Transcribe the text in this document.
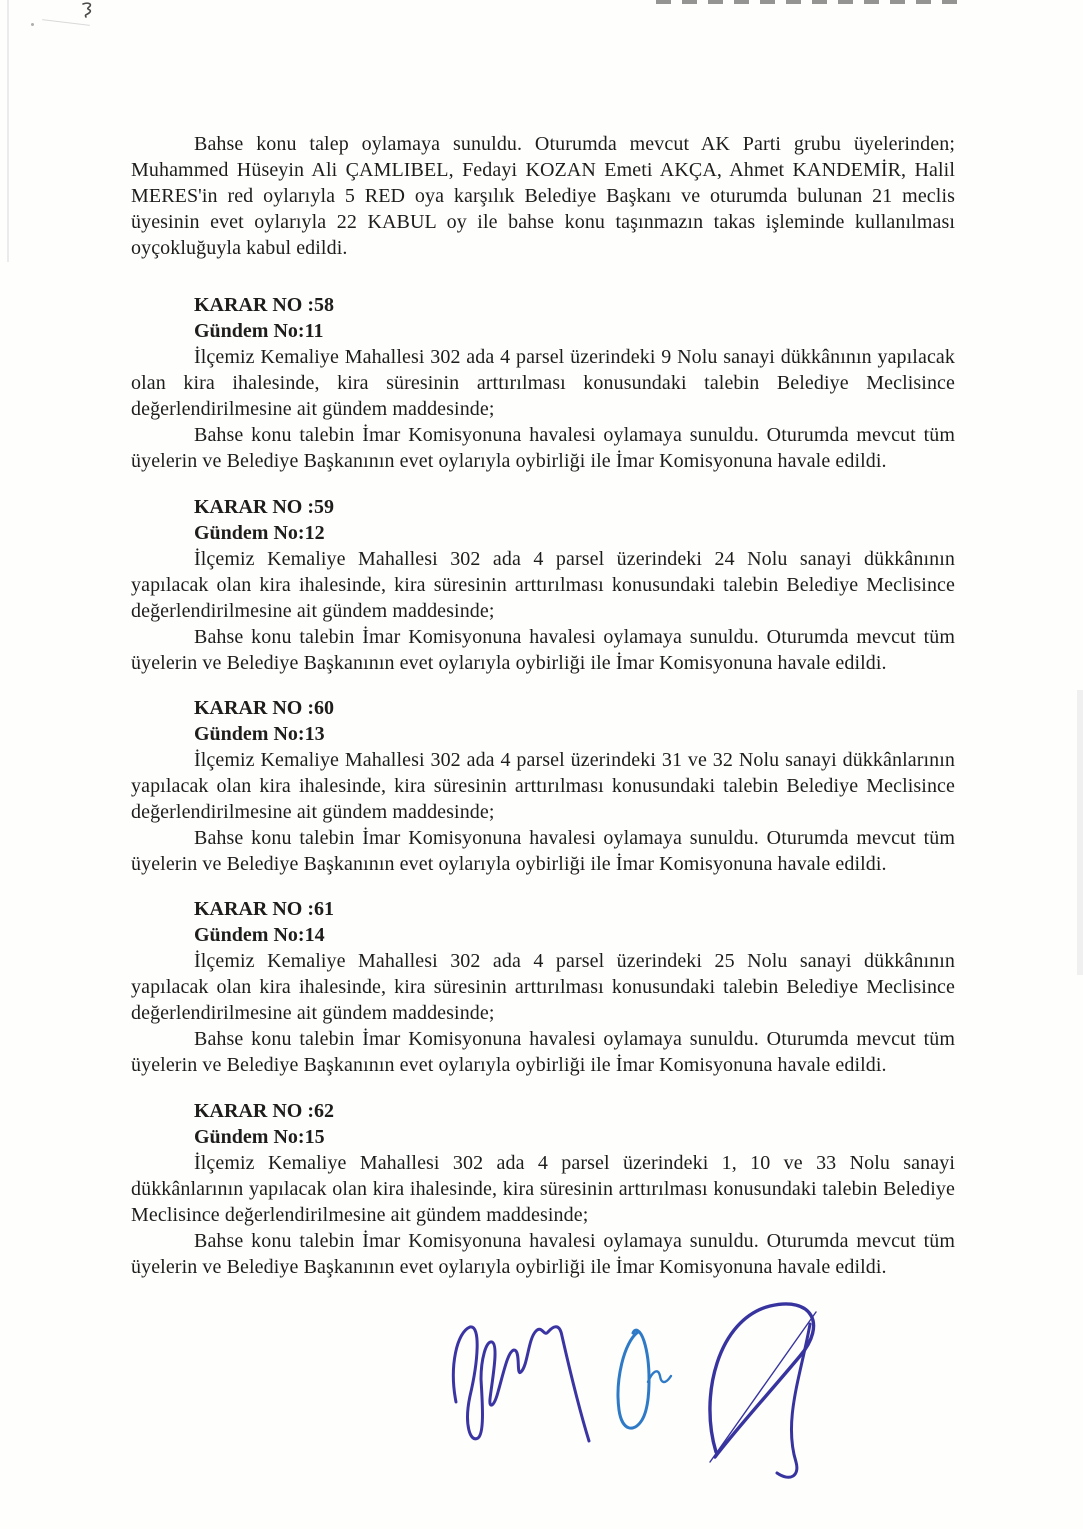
Bahse konu talep oylamaya sunuldu. Oturumda mevcut AK Parti grubu üyelerinden; Muhammed Hüseyin Ali ÇAMLIBEL, Fedayi KOZAN Emeti AKÇA, Ahmet KANDEMİR, Halil MERES'in red oylarıyla 5 RED oya karşılık Belediye Başkanı ve oturumda bulunan 21 meclis üyesinin evet oylarıyla 22 KABUL oy ile bahse konu taşınmazın takas işleminde kullanılması oyçokluğuyla kabul edildi.

KARAR NO :58

Gündem No:11

İlçemiz Kemaliye Mahallesi 302 ada 4 parsel üzerindeki 9 Nolu sanayi dükkânının yapılacak olan kira ihalesinde, kira süresinin arttırılması konusundaki talebin Belediye Meclisince değerlendirilmesine ait gündem maddesinde;

Bahse konu talebin İmar Komisyonuna havalesi oylamaya sunuldu. Oturumda mevcut tüm üyelerin ve Belediye Başkanının evet oylarıyla oybirliği ile İmar Komisyonuna havale edildi.

KARAR NO :59

Gündem No:12

İlçemiz Kemaliye Mahallesi 302 ada 4 parsel üzerindeki 24 Nolu sanayi dükkânının yapılacak olan kira ihalesinde, kira süresinin arttırılması konusundaki talebin Belediye Meclisince değerlendirilmesine ait gündem maddesinde;

Bahse konu talebin İmar Komisyonuna havalesi oylamaya sunuldu. Oturumda mevcut tüm üyelerin ve Belediye Başkanının evet oylarıyla oybirliği ile İmar Komisyonuna havale edildi.

KARAR NO :60

Gündem No:13

İlçemiz Kemaliye Mahallesi 302 ada 4 parsel üzerindeki 31 ve 32 Nolu sanayi dükkânlarının yapılacak olan kira ihalesinde, kira süresinin arttırılması konusundaki talebin Belediye Meclisince değerlendirilmesine ait gündem maddesinde;

Bahse konu talebin İmar Komisyonuna havalesi oylamaya sunuldu. Oturumda mevcut tüm üyelerin ve Belediye Başkanının evet oylarıyla oybirliği ile İmar Komisyonuna havale edildi.

KARAR NO :61

Gündem No:14

İlçemiz Kemaliye Mahallesi 302 ada 4 parsel üzerindeki 25 Nolu sanayi dükkânının yapılacak olan kira ihalesinde, kira süresinin arttırılması konusundaki talebin Belediye Meclisince değerlendirilmesine ait gündem maddesinde;

Bahse konu talebin İmar Komisyonuna havalesi oylamaya sunuldu. Oturumda mevcut tüm üyelerin ve Belediye Başkanının evet oylarıyla oybirliği ile İmar Komisyonuna havale edildi.

KARAR NO :62

Gündem No:15

İlçemiz Kemaliye Mahallesi 302 ada 4 parsel üzerindeki 1, 10 ve 33 Nolu sanayi dükkânlarının yapılacak olan kira ihalesinde, kira süresinin arttırılması konusundaki talebin Belediye Meclisince değerlendirilmesine ait gündem maddesinde;

Bahse konu talebin İmar Komisyonuna havalesi oylamaya sunuldu. Oturumda mevcut tüm üyelerin ve Belediye Başkanının evet oylarıyla oybirliği ile İmar Komisyonuna havale edildi.
